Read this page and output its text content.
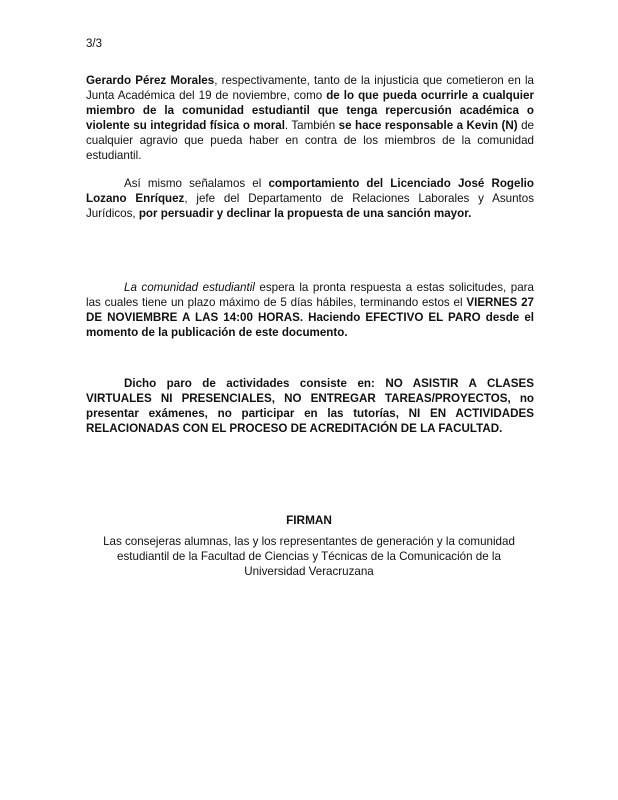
3/3
Gerardo Pérez Morales, respectivamente, tanto de la injusticia que cometieron en la Junta Académica del 19 de noviembre, como de lo que pueda ocurrirle a cualquier miembro de la comunidad estudiantil que tenga repercusión académica o violente su integridad física o moral. También se hace responsable a Kevin (N) de cualquier agravio que pueda haber en contra de los miembros de la comunidad estudiantil.
Así mismo señalamos el comportamiento del Licenciado José Rogelio Lozano Enríquez, jefe del Departamento de Relaciones Laborales y Asuntos Jurídicos, por persuadir y declinar la propuesta de una sanción mayor.
La comunidad estudiantil espera la pronta respuesta a estas solicitudes, para las cuales tiene un plazo máximo de 5 días hábiles, terminando estos el VIERNES 27 DE NOVIEMBRE A LAS 14:00 HORAS. Haciendo EFECTIVO EL PARO desde el momento de la publicación de este documento.
Dicho paro de actividades consiste en: NO ASISTIR A CLASES VIRTUALES NI PRESENCIALES, NO ENTREGAR TAREAS/PROYECTOS, no presentar exámenes, no participar en las tutorías, NI EN ACTIVIDADES RELACIONADAS CON EL PROCESO DE ACREDITACIÓN DE LA FACULTAD.
FIRMAN
Las consejeras alumnas, las y los representantes de generación y la comunidad
estudiantil de la Facultad de Ciencias y Técnicas de la Comunicación de la
Universidad Veracruzana
